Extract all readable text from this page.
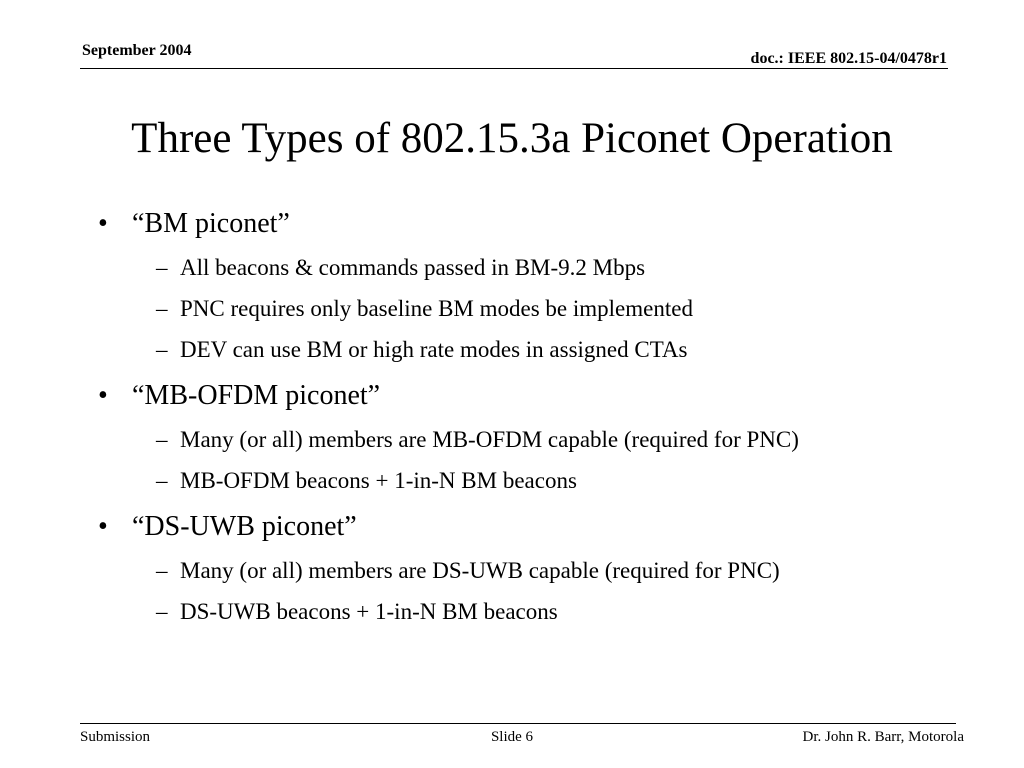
September 2004	doc.: IEEE 802.15-04/0478r1
Three Types of 802.15.3a Piconet Operation
• “BM piconet”
– All beacons & commands passed in BM-9.2 Mbps
– PNC requires only baseline BM modes be implemented
– DEV can use BM or high rate modes in assigned CTAs
• “MB-OFDM piconet”
– Many (or all) members are MB-OFDM capable (required for PNC)
– MB-OFDM beacons + 1-in-N BM beacons
• “DS-UWB piconet”
– Many (or all) members are DS-UWB capable (required for PNC)
– DS-UWB beacons + 1-in-N BM beacons
Submission	Slide 6	Dr. John R. Barr, Motorola
